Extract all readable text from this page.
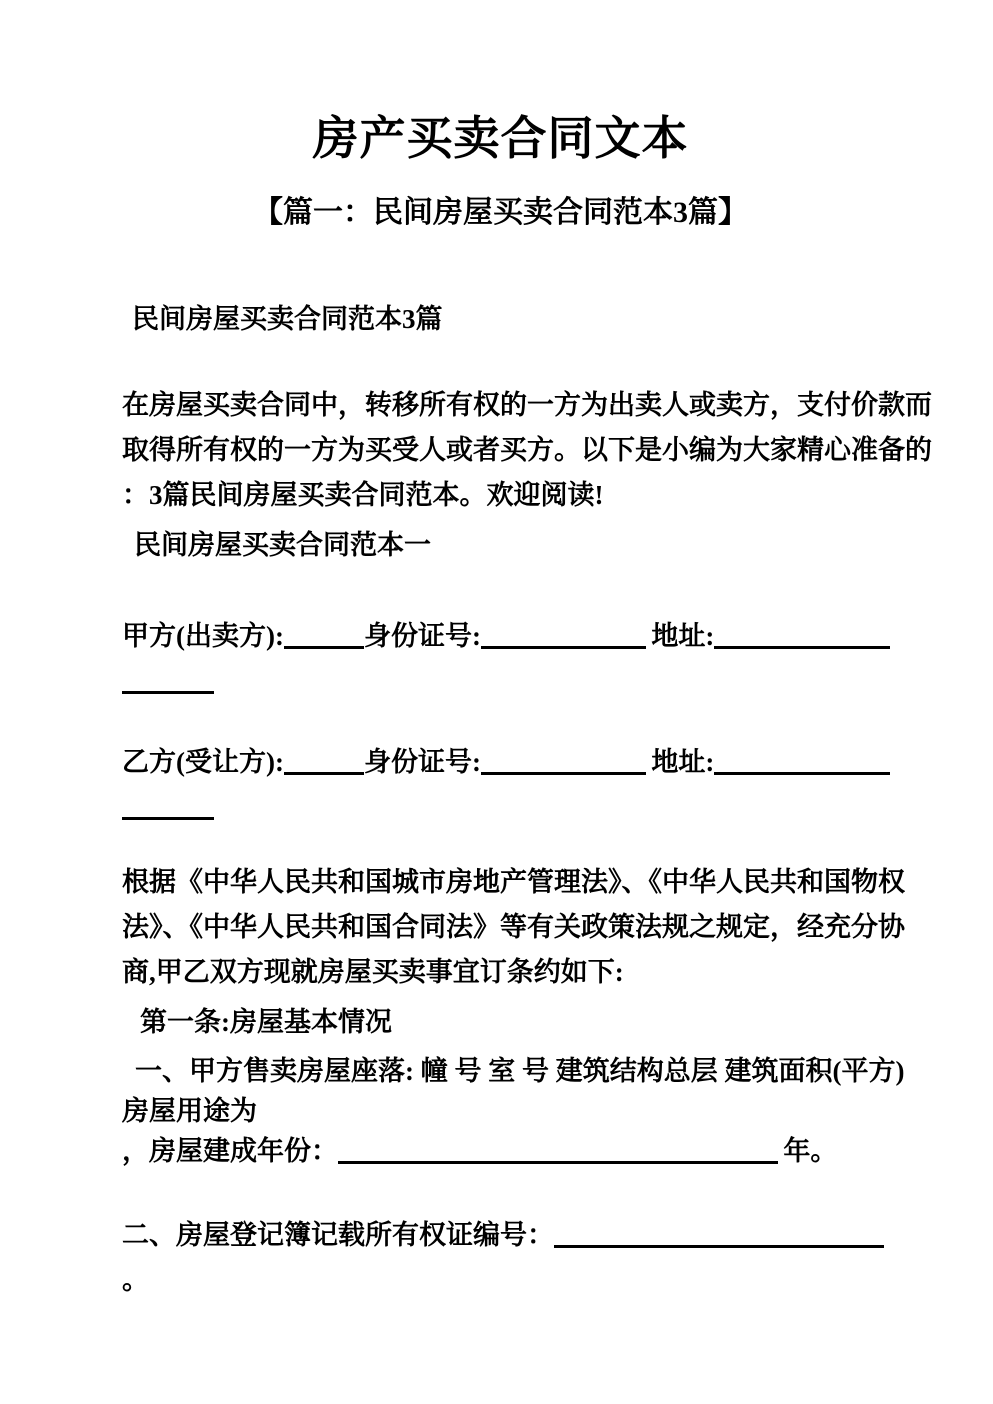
房产买卖合同文本
【篇一：民间房屋买卖合同范本3篇】
民间房屋买卖合同范本3篇
在房屋买卖合同中，转移所有权的一方为出卖人或卖方，支付价款而
取得所有权的一方为买受人或者买方。以下是小编为大家精心准备的
：3篇民间房屋买卖合同范本。欢迎阅读!
民间房屋买卖合同范本一
甲方(出卖方):	身份证号: 	地址:
乙方(受让方):	身份证号: 	地址:
根据《中华人民共和国城市房地产管理法》、《中华人民共和国物权
法》、《中华人民共和国合同法》等有关政策法规之规定，经充分协
商,甲乙双方现就房屋买卖事宜订条约如下:
第一条:房屋基本情况
一、甲方售卖房屋座落: 幢 号 室 号 建筑结构总层 建筑面积(平方)
房屋用途为
，房屋建成年份： 	年。
二、房屋登记簿记载所有权证编号：
。
